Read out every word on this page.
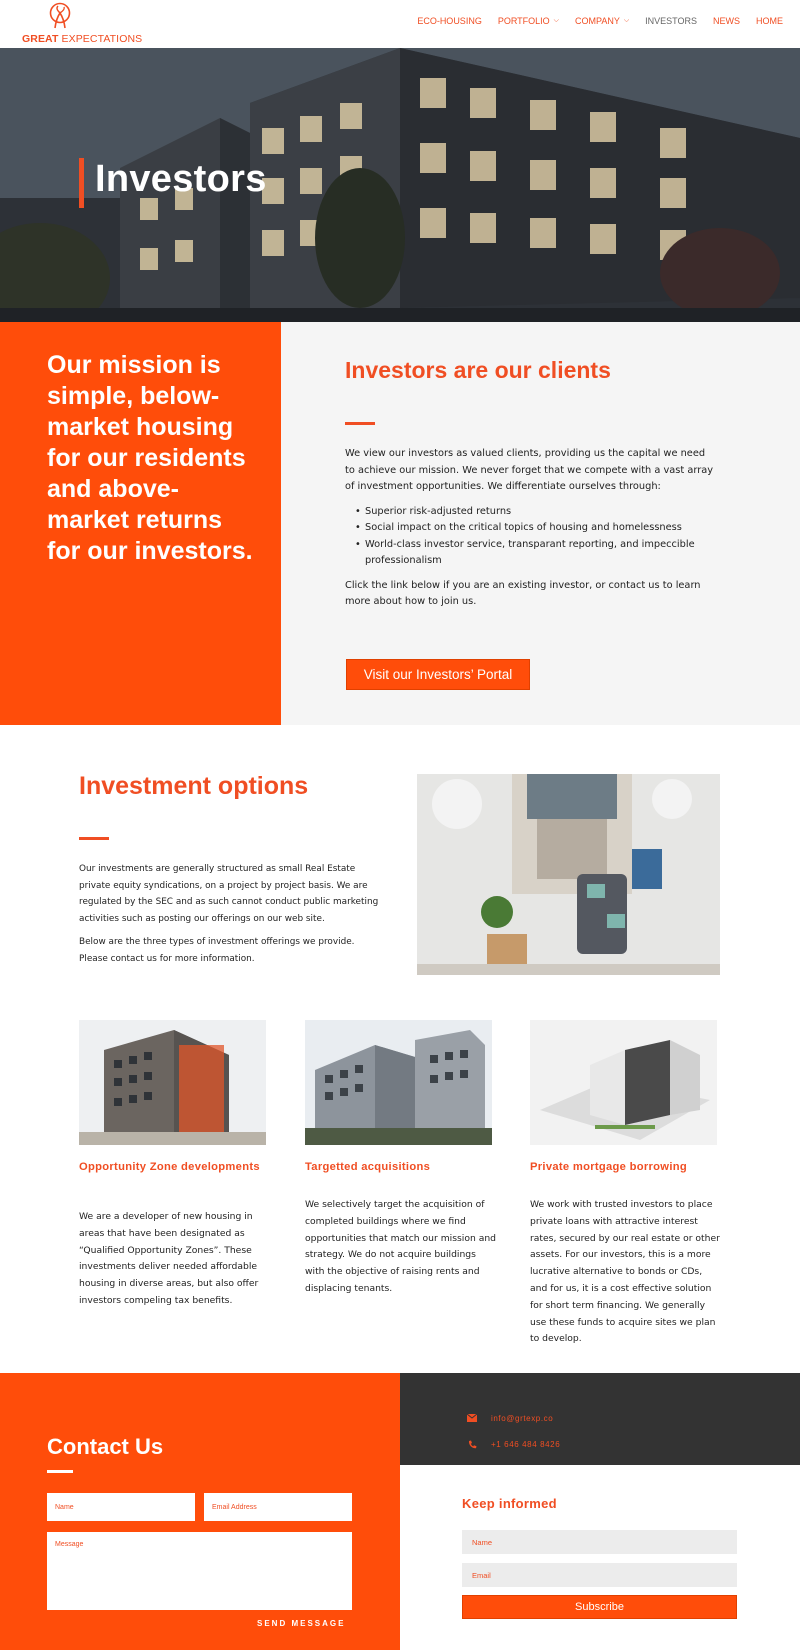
GREAT EXPECTATIONS
ECO-HOUSING PORTFOLIO ⌵ COMPANY ⌵ INVESTORS NEWS HOME
Investors
Our mission is simple, below-market housing for our residents and above-market returns for our investors.
Investors are our clients

We view our investors as valued clients, providing us the capital we need to achieve our mission. We never forget that we compete with a vast array of investment opportunities. We differentiate ourselves through:

• Superior risk-adjusted returns
• Social impact on the critical topics of housing and homelessness
• World-class investor service, transparant reporting, and impeccible professionalism

Click the link below if you are an existing investor, or contact us to learn more about how to join us.

Visit our Investors’ Portal
Investment options

Our investments are generally structured as small Real Estate private equity syndications, on a project by project basis. We are regulated by the SEC and as such cannot conduct public marketing activities such as posting our offerings on our web site.

Below are the three types of investment offerings we provide. Please contact us for more information.

Opportunity Zone developments	Targetted acquisitions	Private mortgage borrowing
We are a developer of new housing in areas that have been designated as “Qualified Opportunity Zones”. These investments deliver needed affordable housing in diverse areas, but also offer investors compeling tax benefits.
We selectively target the acquisition of completed buildings where we find opportunities that match our mission and strategy. We do not acquire buildings with the objective of raising rents and displacing tenants.
We work with trusted investors to place private loans with attractive interest rates, secured by our real estate or other assets. For our investors, this is a more lucrative alternative to bonds or CDs, and for us, it is a cost effective solution for short term financing. We generally use these funds to acquire sites we plan to develop.
Contact Us
Name	Email Address
Message
SEND MESSAGE
info@grtexp.co
+1 646 484 8426
Keep informed
Name
Email
Subscribe
